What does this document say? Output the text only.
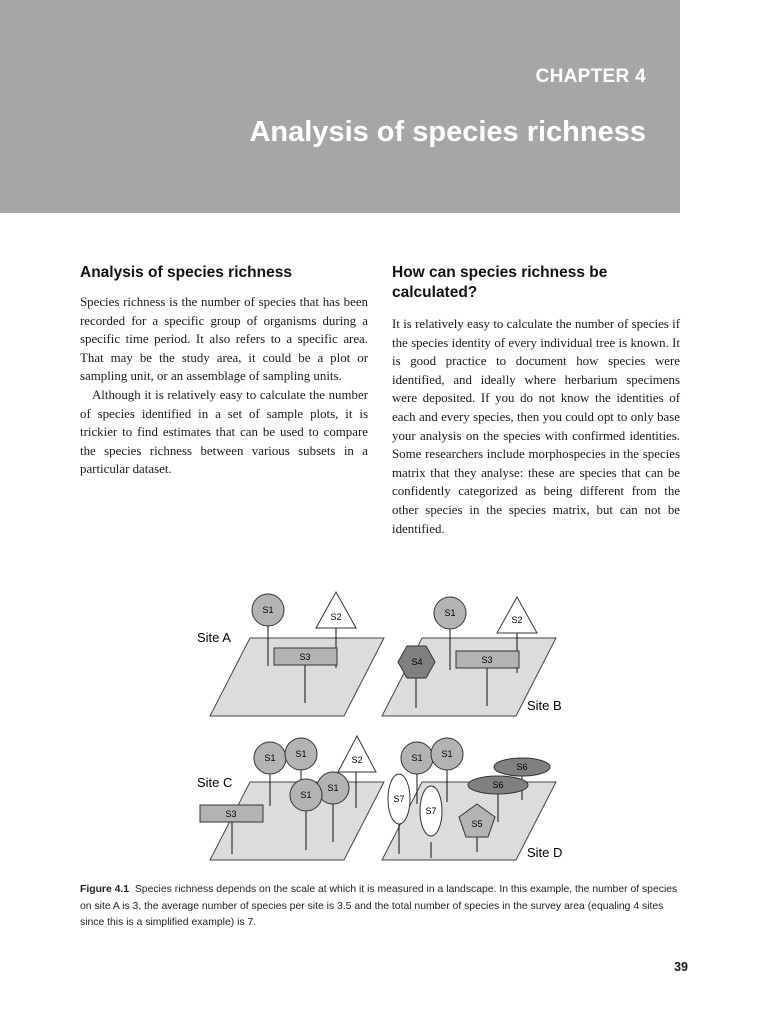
CHAPTER 4
Analysis of species richness
Analysis of species richness

Species richness is the number of species that has been recorded for a specific group of organisms during a specific time period. It also refers to a specific area. That may be the study area, it could be a plot or sampling unit, or an assemblage of sampling units.

Although it is relatively easy to calculate the number of species identified in a set of sample plots, it is trickier to find estimates that can be used to compare the species richness between various subsets in a particular dataset.

How can species richness be calculated?

It is relatively easy to calculate the number of species if the species identity of every individual tree is known. It is good practice to document how species were identified, and ideally where herbarium specimens were deposited. If you do not know the identities of each and every species, then you could opt to only base your analysis on the species with confirmed identities. Some researchers include morphospecies in the species matrix that they analyse: these are species that can be confidently categorized as being different from the other species in the species matrix, but can not be identified.

S1
S2
S3
Site A
S1
S2
S4	S3
Site B
S1 S1
S1
S1
S2
S3
Site C
S1 S1
S6
S6
S7
S7
S5
Site D

Figure 4.1 Species richness depends on the scale at which it is measured in a landscape. In this example, the number of species on site A is 3, the average number of species per site is 3.5 and the total number of species in the survey area (equaling 4 sites since this is a simplified example) is 7.

39
